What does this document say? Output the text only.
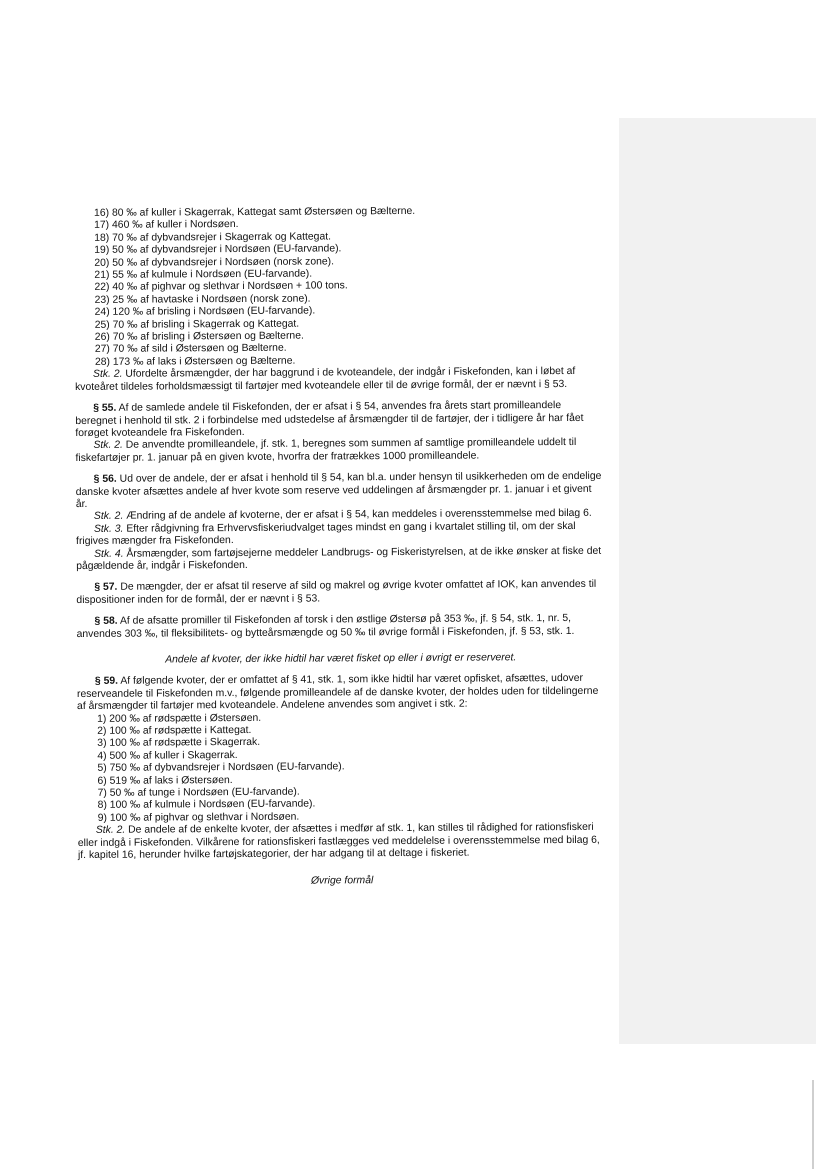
16) 80 ‰ af kuller i Skagerrak, Kattegat samt Østersøen og Bælterne.
17) 460 ‰ af kuller i Nordsøen.
18) 70 ‰ af dybvandsrejer i Skagerrak og Kattegat.
19) 50 ‰ af dybvandsrejer i Nordsøen (EU-farvande).
20) 50 ‰ af dybvandsrejer i Nordsøen (norsk zone).
21) 55 ‰ af kulmule i Nordsøen (EU-farvande).
22) 40 ‰ af pighvar og slethvar i Nordsøen + 100 tons.
23) 25 ‰ af havtaske i Nordsøen (norsk zone).
24) 120 ‰ af brisling i Nordsøen (EU-farvande).
25) 70 ‰ af brisling i Skagerrak og Kattegat.
26) 70 ‰ af brisling i Østersøen og Bælterne.
27) 70 ‰ af sild i Østersøen og Bælterne.
28) 173 ‰ af laks i Østersøen og Bælterne.
Stk. 2. Ufordelte årsmængder, der har baggrund i de kvoteandele, der indgår i Fiskefonden, kan i løbet af
kvoteåret tildeles forholdsmæssigt til fartøjer med kvoteandele eller til de øvrige formål, der er nævnt i § 53.
§ 55. Af de samlede andele til Fiskefonden, der er afsat i § 54, anvendes fra årets start promilleandele
beregnet i henhold til stk. 2 i forbindelse med udstedelse af årsmængder til de fartøjer, der i tidligere år har fået
forøget kvoteandele fra Fiskefonden.
Stk. 2. De anvendte promilleandele, jf. stk. 1, beregnes som summen af samtlige promilleandele uddelt til
fiskefartøjer pr. 1. januar på en given kvote, hvorfra der fratrækkes 1000 promilleandele.
§ 56. Ud over de andele, der er afsat i henhold til § 54, kan bl.a. under hensyn til usikkerheden om de endelige
danske kvoter afsættes andele af hver kvote som reserve ved uddelingen af årsmængder pr. 1. januar i et givent
år.
Stk. 2. Ændring af de andele af kvoterne, der er afsat i § 54, kan meddeles i overensstemmelse med bilag 6.
Stk. 3. Efter rådgivning fra Erhvervsfiskeriudvalget tages mindst en gang i kvartalet stilling til, om der skal
frigives mængder fra Fiskefonden.
Stk. 4. Årsmængder, som fartøjsejerne meddeler Landbrugs- og Fiskeristyrelsen, at de ikke ønsker at fiske det
pågældende år, indgår i Fiskefonden.
§ 57. De mængder, der er afsat til reserve af sild og makrel og øvrige kvoter omfattet af IOK, kan anvendes til
dispositioner inden for de formål, der er nævnt i § 53.
§ 58. Af de afsatte promiller til Fiskefonden af torsk i den østlige Østersø på 353 ‰, jf. § 54, stk. 1, nr. 5,
anvendes 303 ‰, til fleksibilitets- og bytteårsmængde og 50 ‰ til øvrige formål i Fiskefonden, jf. § 53, stk. 1.
Andele af kvoter, der ikke hidtil har været fisket op eller i øvrigt er reserveret.
§ 59. Af følgende kvoter, der er omfattet af § 41, stk. 1, som ikke hidtil har været opfisket, afsættes, udover
reserveandele til Fiskefonden m.v., følgende promilleandele af de danske kvoter, der holdes uden for tildelingerne
af årsmængder til fartøjer med kvoteandele. Andelene anvendes som angivet i stk. 2:
1) 200 ‰ af rødspætte i Østersøen.
2) 100 ‰ af rødspætte i Kattegat.
3) 100 ‰ af rødspætte i Skagerrak.
4) 500 ‰ af kuller i Skagerrak.
5) 750 ‰ af dybvandsrejer i Nordsøen (EU-farvande).
6) 519 ‰ af laks i Østersøen.
7) 50 ‰ af tunge i Nordsøen (EU-farvande).
8) 100 ‰ af kulmule i Nordsøen (EU-farvande).
9) 100 ‰ af pighvar og slethvar i Nordsøen.
Stk. 2. De andele af de enkelte kvoter, der afsættes i medfør af stk. 1, kan stilles til rådighed for rationsfiskeri
eller indgå i Fiskefonden. Vilkårene for rationsfiskeri fastlægges ved meddelelse i overensstemmelse med bilag 6,
jf. kapitel 16, herunder hvilke fartøjskategorier, der har adgang til at deltage i fiskeriet.
Øvrige formål
